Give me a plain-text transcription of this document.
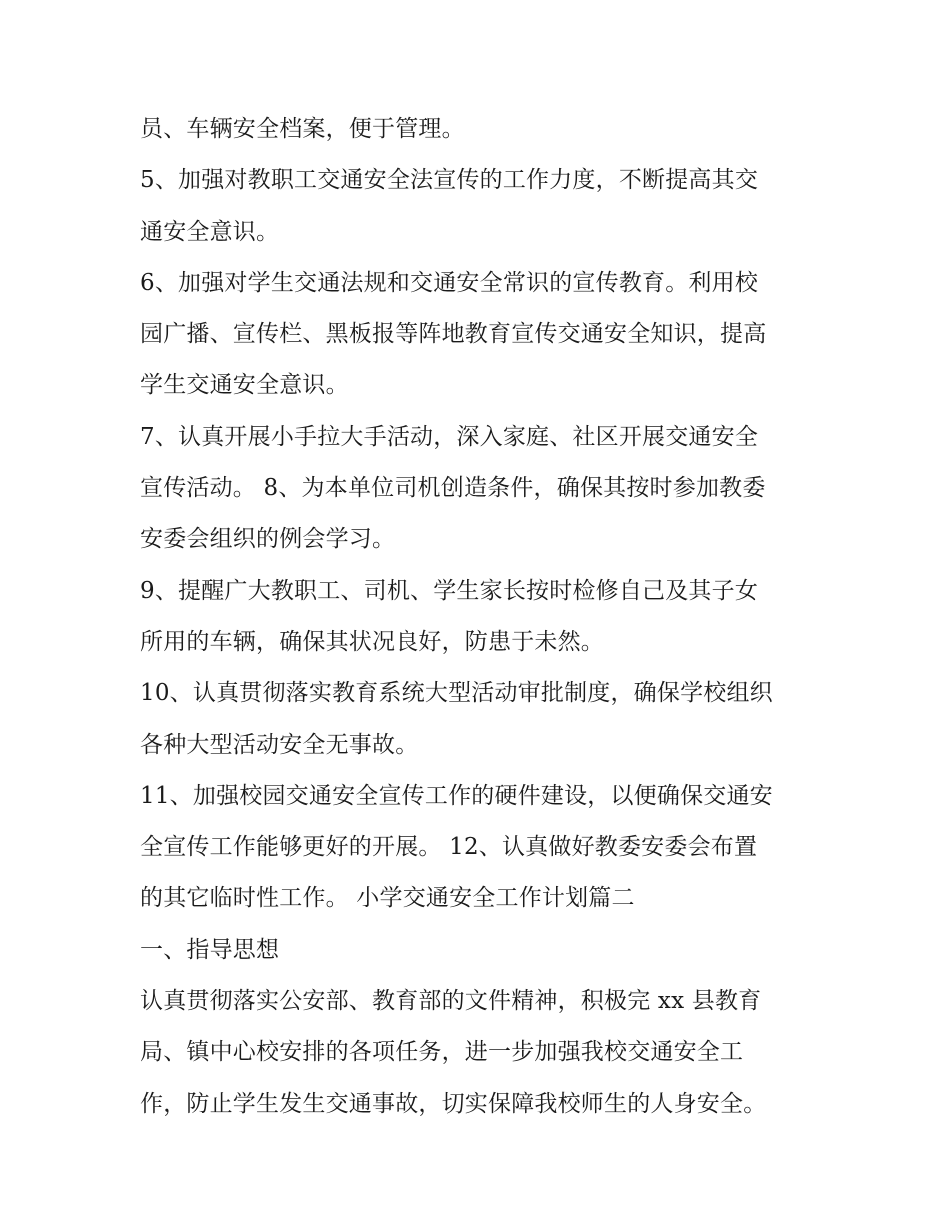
员、车辆安全档案，便于管理。
5、加强对教职工交通安全法宣传的工作力度，不断提高其交
通安全意识。
6、加强对学生交通法规和交通安全常识的宣传教育。利用校
园广播、宣传栏、黑板报等阵地教育宣传交通安全知识，提高
学生交通安全意识。
7、认真开展小手拉大手活动，深入家庭、社区开展交通安全
宣传活动。 8、为本单位司机创造条件，确保其按时参加教委
安委会组织的例会学习。
9、提醒广大教职工、司机、学生家长按时检修自己及其子女
所用的车辆，确保其状况良好，防患于未然。
10、认真贯彻落实教育系统大型活动审批制度，确保学校组织
各种大型活动安全无事故。
11、加强校园交通安全宣传工作的硬件建设，以便确保交通安
全宣传工作能够更好的开展。 12、认真做好教委安委会布置
的其它临时性工作。 小学交通安全工作计划篇二
一、指导思想
认真贯彻落实公安部、教育部的文件精神，积极完 xx 县教育
局、镇中心校安排的各项任务，进一步加强我校交通安全工
作，防止学生发生交通事故，切实保障我校师生的人身安全。
